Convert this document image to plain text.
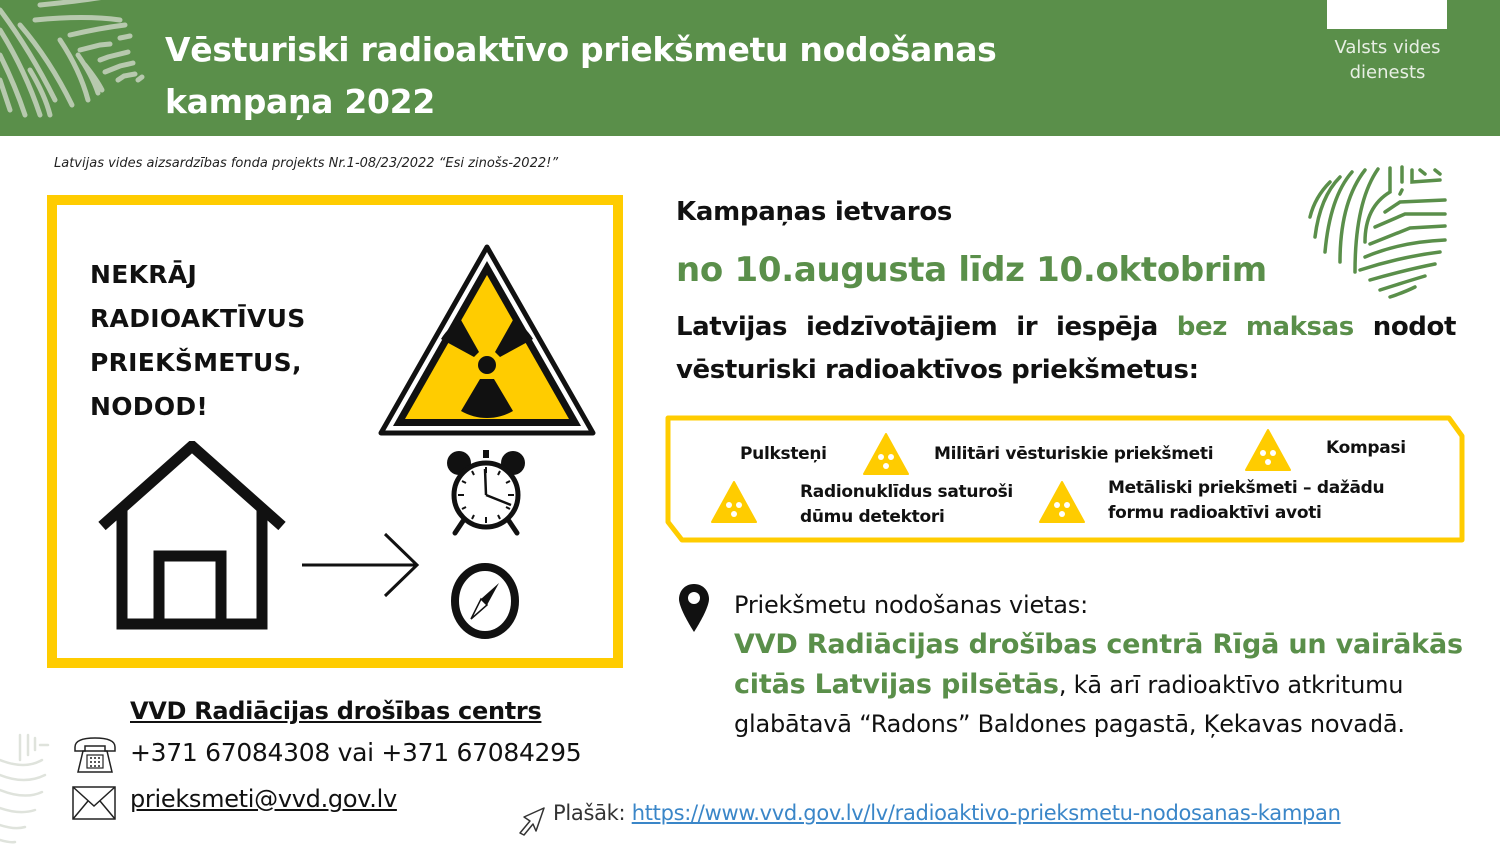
Vēsturiski radioaktīvo priekšmetu nodošanas
kampaņa 2022
Valsts vides
dienests
Latvijas vides aizsardzības fonda projekts Nr.1-08/23/2022 “Esi zinošs-2022!”
NEKRĀJ
RADIOAKTĪVUS
PRIEKŠMETUS,
NODOD!
Kampaņas ietvaros
no 10.augusta līdz 10.oktobrim
Latvijas iedzīvotājiem ir iespēja bez maksas nodot vēsturiski radioaktīvos priekšmetus:
Pulksteņi	Militāri vēsturiskie priekšmeti	Kompasi
Radionuklīdus saturoši
dūmu detektori
Metāliski priekšmeti – dažādu
formu radioaktīvi avoti
Priekšmetu nodošanas vietas:
VVD Radiācijas drošības centrā Rīgā un vairākās citās Latvijas pilsētās, kā arī radioaktīvo atkritumu glabātavā “Radons” Baldones pagastā, Ķekavas novadā.
VVD Radiācijas drošības centrs
+371 67084308 vai +371 67084295
prieksmeti@vvd.gov.lv	Plašāk: https://www.vvd.gov.lv/lv/radioaktivo-prieksmetu-nodosanas-kampan
